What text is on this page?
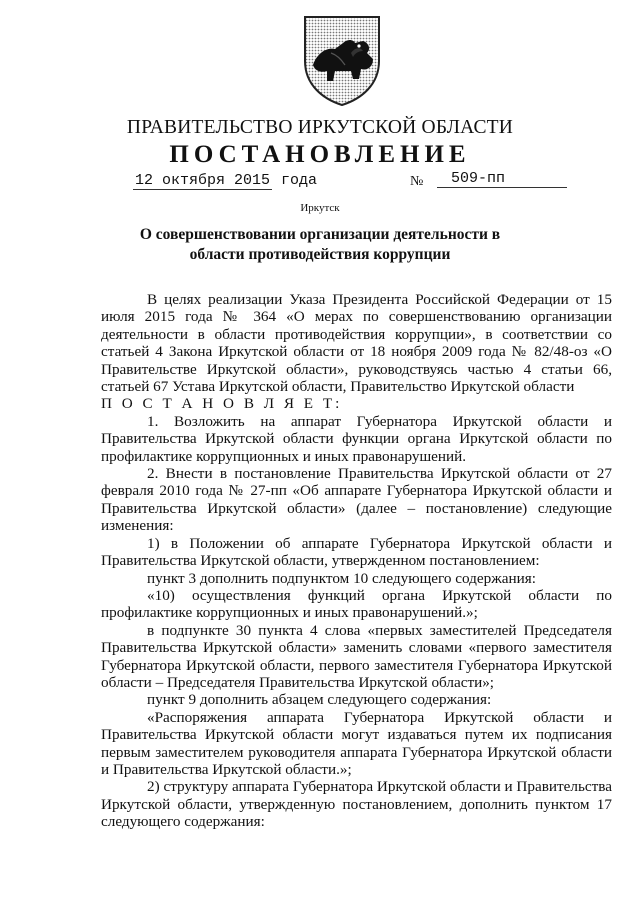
ПРАВИТЕЛЬСТВО ИРКУТСКОЙ ОБЛАСТИ
ПОСТАНОВЛЕНИЕ
12 октября 2015 года	№	509-пп
Иркутск
О совершенствовании организации деятельности в области противодействия коррупции

В целях реализации Указа Президента Российской Федерации от 15 июля 2015 года № 364 «О мерах по совершенствованию организации деятельности в области противодействия коррупции», в соответствии со статьей 4 Закона Иркутской области от 18 ноября 2009 года № 82/48-оз «О Правительстве Иркутской области», руководствуясь частью 4 статьи 66, статьей 67 Устава Иркутской области, Правительство Иркутской области

П О С Т А Н О В Л Я Е Т:

1. Возложить на аппарат Губернатора Иркутской области и Правительства Иркутской области функции органа Иркутской области по профилактике коррупционных и иных правонарушений.

2. Внести в постановление Правительства Иркутской области от 27 февраля 2010 года № 27-пп «Об аппарате Губернатора Иркутской области и Правительства Иркутской области» (далее – постановление) следующие изменения:

1) в Положении об аппарате Губернатора Иркутской области и Правительства Иркутской области, утвержденном постановлением:

пункт 3 дополнить подпунктом 10 следующего содержания:

«10) осуществления функций органа Иркутской области по профилактике коррупционных и иных правонарушений.»;

в подпункте 30 пункта 4 слова «первых заместителей Председателя Правительства Иркутской области» заменить словами «первого заместителя Губернатора Иркутской области, первого заместителя Губернатора Иркутской области – Председателя Правительства Иркутской области»;

пункт 9 дополнить абзацем следующего содержания:

«Распоряжения аппарата Губернатора Иркутской области и Правительства Иркутской области могут издаваться путем их подписания первым заместителем руководителя аппарата Губернатора Иркутской области и Правительства Иркутской области.»;

2) структуру аппарата Губернатора Иркутской области и Правительства Иркутской области, утвержденную постановлением, дополнить пунктом 17 следующего содержания:
